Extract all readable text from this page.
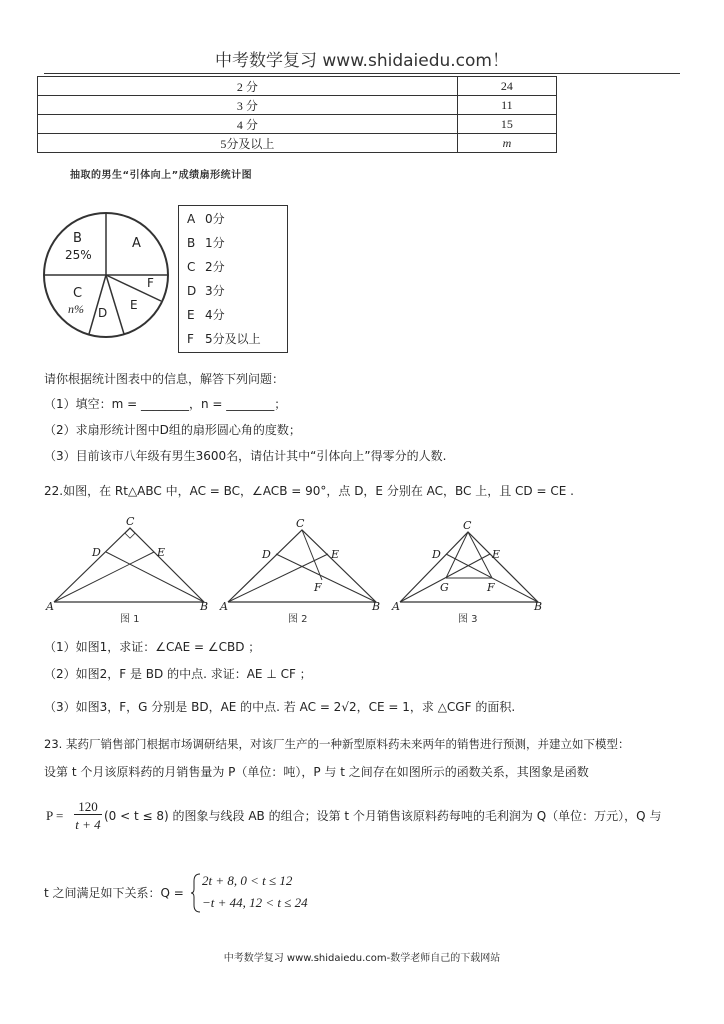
中考数学复习 www.shidaiedu.com！
2 分	24
3 分	11
4 分	15
5分及以上	m
抽取的男生“引体向上”成绩扇形统计图
A
B
25%
C
n% D
E
F
A 0分
B 1分
C 2分
D 3分
E 4分
F 5分及以上
请你根据统计图表中的信息，解答下列问题：
（1）填空：m = ________，n = ________；
（2）求扇形统计图中D组的扇形圆心角的度数；
（3）目前该市八年级有男生3600名，请估计其中“引体向上”得零分的人数.
22.如图，在 Rt△ABC 中，AC = BC，∠ACB = 90°，点 D，E 分别在 AC，BC 上，且 CD = CE .
C
D	E
A	B
图 1
C
D	E
F
A	B
图 2
C
D	E
G	F
A	B
图 3
（1）如图1，求证：∠CAE = ∠CBD ；
（2）如图2，F 是 BD 的中点. 求证：AE ⊥ CF ；
（3）如图3，F，G 分别是 BD，AE 的中点. 若 AC = 2√2，CE = 1，求 △CGF 的面积.
23. 某药厂销售部门根据市场调研结果，对该厂生产的一种新型原料药未来两年的销售进行预测，并建立如下模型：
设第 t 个月该原料药的月销售量为 P（单位：吨），P 与 t 之间存在如图所示的函数关系，其图象是函数
P =
120
t + 4
(0 < t ≤ 8) 的图象与线段 AB 的组合；设第 t 个月销售该原料药每吨的毛利润为 Q（单位：万元），Q 与
t 之间满足如下关系：Q =
2t + 8, 0 < t ≤ 12
−t + 44, 12 < t ≤ 24
中考数学复习 www.shidaiedu.com-数学老师自己的下载网站
